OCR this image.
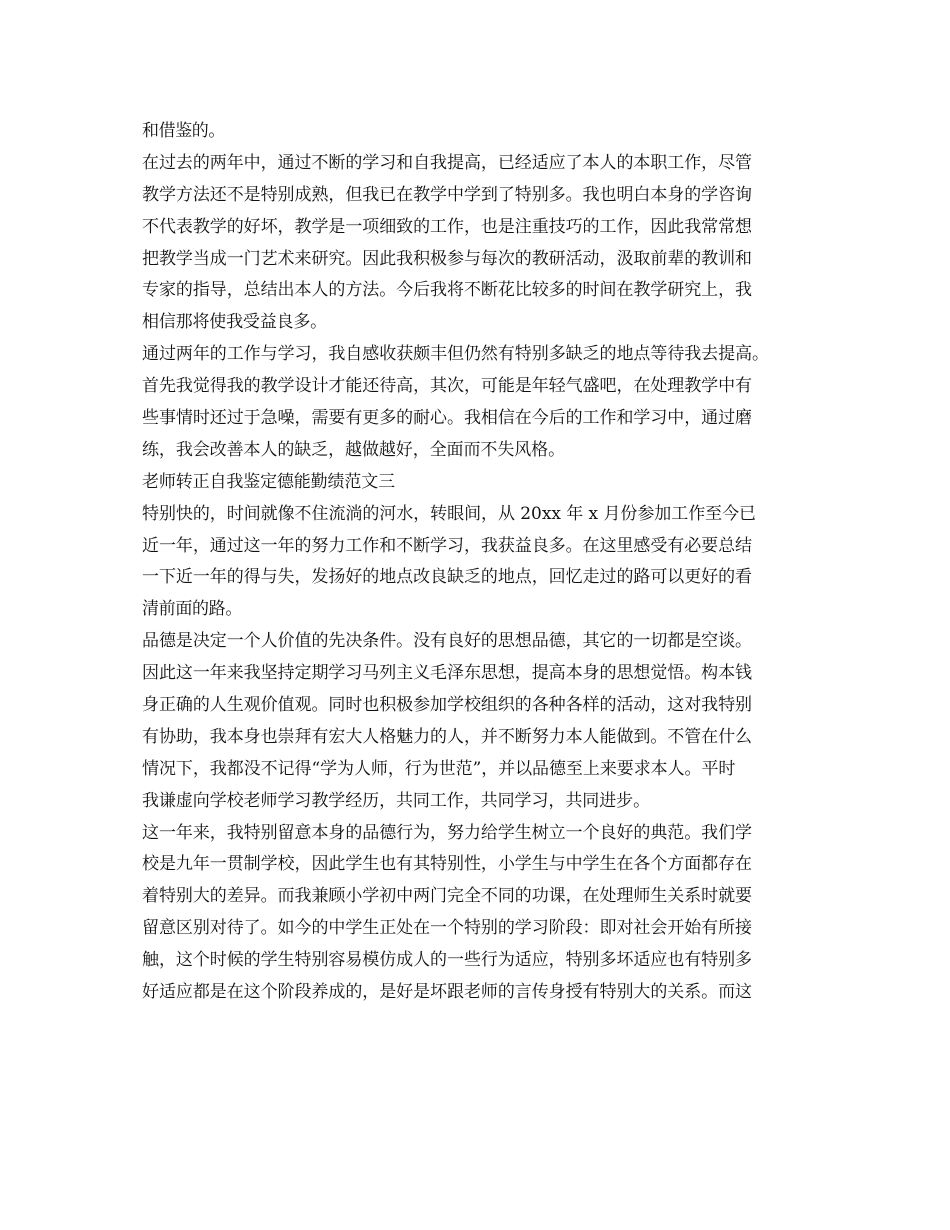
和借鉴的。
在过去的两年中，通过不断的学习和自我提高，已经适应了本人的本职工作，尽管
教学方法还不是特别成熟，但我已在教学中学到了特别多。我也明白本身的学咨询
不代表教学的好坏，教学是一项细致的工作，也是注重技巧的工作，因此我常常想
把教学当成一门艺术来研究。因此我积极参与每次的教研活动，汲取前辈的教训和
专家的指导，总结出本人的方法。今后我将不断花比较多的时间在教学研究上，我
相信那将使我受益良多。
通过两年的工作与学习，我自感收获颇丰但仍然有特别多缺乏的地点等待我去提高。
首先我觉得我的教学设计才能还待高，其次，可能是年轻气盛吧，在处理教学中有
些事情时还过于急噪，需要有更多的耐心。我相信在今后的工作和学习中，通过磨
练，我会改善本人的缺乏，越做越好，全面而不失风格。
老师转正自我鉴定德能勤绩范文三
特别快的，时间就像不住流淌的河水，转眼间，从 20xx 年 x 月份参加工作至今已
近一年，通过这一年的努力工作和不断学习，我获益良多。在这里感受有必要总结
一下近一年的得与失，发扬好的地点改良缺乏的地点，回忆走过的路可以更好的看
清前面的路。
品德是决定一个人价值的先决条件。没有良好的思想品德，其它的一切都是空谈。
因此这一年来我坚持定期学习马列主义毛泽东思想，提高本身的思想觉悟。构本钱
身正确的人生观价值观。同时也积极参加学校组织的各种各样的活动，这对我特别
有协助，我本身也崇拜有宏大人格魅力的人，并不断努力本人能做到。不管在什么
情况下，我都没不记得“学为人师，行为世范”，并以品德至上来要求本人。平时
我谦虚向学校老师学习教学经历，共同工作，共同学习，共同进步。
这一年来，我特别留意本身的品德行为，努力给学生树立一个良好的典范。我们学
校是九年一贯制学校，因此学生也有其特别性，小学生与中学生在各个方面都存在
着特别大的差异。而我兼顾小学初中两门完全不同的功课，在处理师生关系时就要
留意区别对待了。如今的中学生正处在一个特别的学习阶段：即对社会开始有所接
触，这个时候的学生特别容易模仿成人的一些行为适应，特别多坏适应也有特别多
好适应都是在这个阶段养成的，是好是坏跟老师的言传身授有特别大的关系。而这
